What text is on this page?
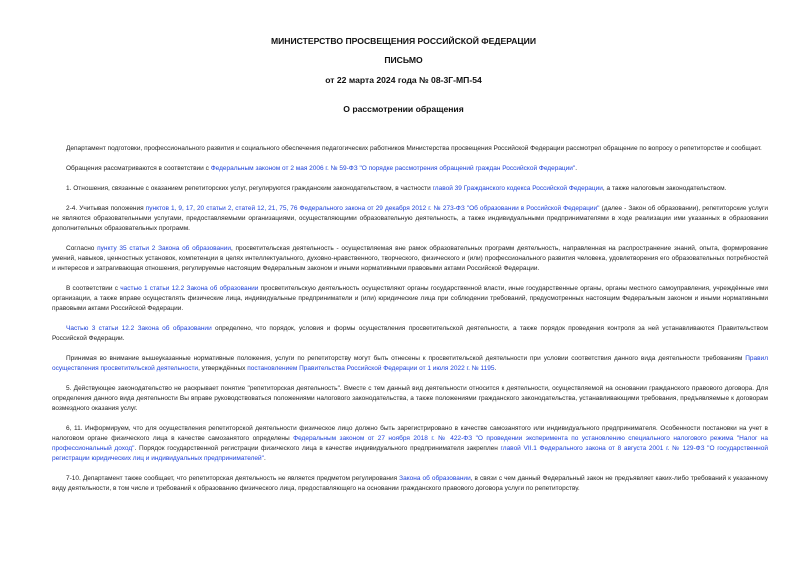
МИНИСТЕРСТВО ПРОСВЕЩЕНИЯ РОССИЙСКОЙ ФЕДЕРАЦИИ
ПИСЬМО
от 22 марта 2024 года № 08-3Г-МП-54
О рассмотрении обращения

Департамент подготовки, профессионального развития и социального обеспечения педагогических работников Министерства просвещения Российской Федерации рассмотрел обращение по вопросу о репетиторстве и сообщает.

Обращения рассматриваются в соответствии с Федеральным законом от 2 мая 2006 г. № 59-ФЗ "О порядке рассмотрения обращений граждан Российской Федерации".

1. Отношения, связанные с оказанием репетиторских услуг, регулируются гражданским законодательством, в частности главой 39 Гражданского кодекса Российской Федерации, а также налоговым законодательством.

2-4. Учитывая положения пунктов 1, 9, 17, 20 статьи 2, статей 12, 21, 75, 76 Федерального закона от 29 декабря 2012 г. № 273-ФЗ "Об образовании в Российской Федерации" (далее - Закон об образовании), репетиторские услуги не являются образовательными услугами, предоставляемыми организациями, осуществляющими образовательную деятельность, а также индивидуальными предпринимателями в ходе реализации ими указанных в образовании дополнительных образовательных программ.

Согласно пункту 35 статьи 2 Закона об образовании, просветительская деятельность - осуществляемая вне рамок образовательных программ деятельность, направленная на распространение знаний, опыта, формирование умений, навыков, ценностных установок, компетенции в целях интеллектуального, духовно-нравственного, творческого, физического и (или) профессионального развития человека, удовлетворения его образовательных потребностей и интересов и затрагивающая отношения, регулируемые настоящим Федеральным законом и иными нормативными правовыми актами Российской Федерации.

В соответствии с частью 1 статьи 12.2 Закона об образовании просветительскую деятельность осуществляют органы государственной власти, иные государственные органы, органы местного самоуправления, учреждённые ими организации, а также вправе осуществлять физические лица, индивидуальные предприниматели и (или) юридические лица при соблюдении требований, предусмотренных настоящим Федеральным законом и иными нормативными правовыми актами Российской Федерации.

Частью 3 статьи 12.2 Закона об образовании определено, что порядок, условия и формы осуществления просветительской деятельности, а также порядок проведения контроля за ней устанавливаются Правительством Российской Федерации.

Принимая во внимание вышеуказанные нормативные положения, услуги по репетиторству могут быть отнесены к просветительской деятельности при условии соответствия данного вида деятельности требованиям Правил осуществления просветительской деятельности, утверждённых постановлением Правительства Российской Федерации от 1 июля 2022 г. № 1195.

5. Действующее законодательство не раскрывает понятие "репетиторская деятельность". Вместе с тем данный вид деятельности относится к деятельности, осуществляемой на основании гражданского правового договора. Для определения данного вида деятельности Вы вправе руководствоваться положениями налогового законодательства, а также положениями гражданского законодательства, устанавливающими требования, предъявляемые к договорам возмездного оказания услуг.

6, 11. Информируем, что для осуществления репетиторской деятельности физическое лицо должно быть зарегистрировано в качестве самозанятого или индивидуального предпринимателя. Особенности постановки на учет в налоговом органе физического лица в качестве самозанятого определены Федеральным законом от 27 ноября 2018 г. № 422-ФЗ "О проведении эксперимента по установлению специального налогового режима "Налог на профессиональный доход". Порядок государственной регистрации физического лица в качестве индивидуального предпринимателя закреплен главой VII.1 Федерального закона от 8 августа 2001 г. № 129-ФЗ "О государственной регистрации юридических лиц и индивидуальных предпринимателей".

7-10. Департамент также сообщает, что репетиторская деятельность не является предметом регулирования Закона об образовании, в связи с чем данный Федеральный закон не предъявляет каких-либо требований к указанному виду деятельности, в том числе и требований к образованию физического лица, предоставляющего на основании гражданского правового договора услуги по репетиторству.
